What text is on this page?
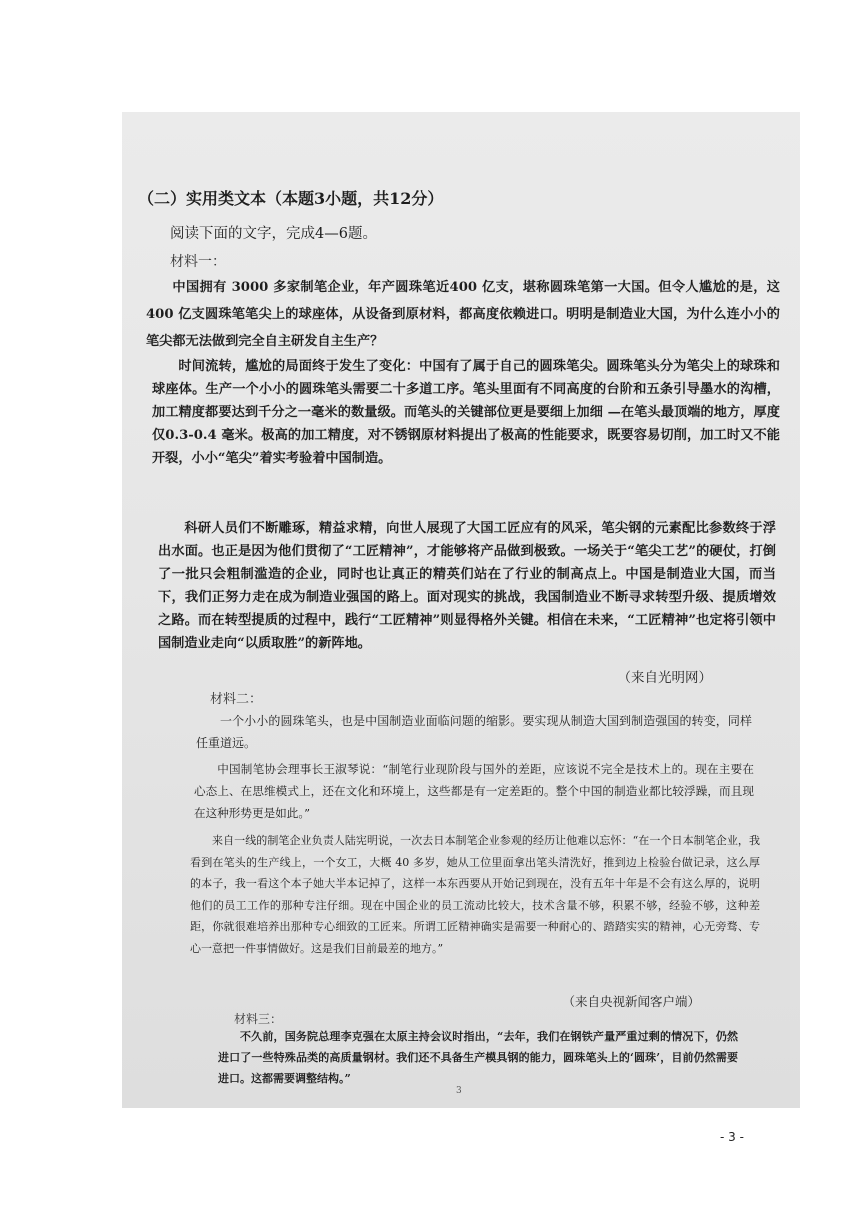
（二）实用类文本（本题3小题，共12分）

阅读下面的文字，完成4—6题。

材料一：

中国拥有 3000 多家制笔企业，年产圆珠笔近400 亿支，堪称圆珠笔第一大国。但令人尴尬的是，这400 亿支圆珠笔笔尖上的球座体，从设备到原材料，都高度依赖进口。明明是制造业大国，为什么连小小的笔尖都无法做到完全自主研发自主生产？

时间流转，尴尬的局面终于发生了变化：中国有了属于自己的圆珠笔尖。圆珠笔头分为笔尖上的球珠和球座体。生产一个小小的圆珠笔头需要二十多道工序。笔头里面有不同高度的台阶和五条引导墨水的沟槽，加工精度都要达到千分之一毫米的数量级。而笔头的关键部位更是要细上加细 —在笔头最顶端的地方，厚度仅0.3-0.4 毫米。极高的加工精度，对不锈钢原材料提出了极高的性能要求，既要容易切削，加工时又不能开裂，小小“笔尖”着实考验着中国制造。

科研人员们不断雕琢，精益求精，向世人展现了大国工匠应有的风采，笔尖钢的元素配比参数终于浮出水面。也正是因为他们贯彻了“工匠精神”，才能够将产品做到极致。一场关于“笔尖工艺”的硬仗，打倒了一批只会粗制滥造的企业，同时也让真正的精英们站在了行业的制高点上。中国是制造业大国，而当下，我们正努力走在成为制造业强国的路上。面对现实的挑战，我国制造业不断寻求转型升级、提质增效之路。而在转型提质的过程中，践行“工匠精神”则显得格外关键。相信在未来，“工匠精神”也定将引领中国制造业走向“以质取胜”的新阵地。

（来自光明网）

材料二：

一个小小的圆珠笔头，也是中国制造业面临问题的缩影。要实现从制造大国到制造强国的转变，同样任重道远。

中国制笔协会理事长王淑琴说：“制笔行业现阶段与国外的差距，应该说不完全是技术上的。现在主要在心态上、在思维模式上，还在文化和环境上，这些都是有一定差距的。整个中国的制造业都比较浮躁，而且现在这种形势更是如此。”

来自一线的制笔企业负责人陆宪明说，一次去日本制笔企业参观的经历让他难以忘怀：“在一个日本制笔企业，我看到在笔头的生产线上，一个女工，大概 40 多岁，她从工位里面拿出笔头清洗好，推到边上检验台做记录，这么厚的本子，我一看这个本子她大半本记掉了，这样一本东西要从开始记到现在，没有五年十年是不会有这么厚的，说明他们的员工工作的那种专注仔细。现在中国企业的员工流动比较大，技术含量不够，积累不够，经验不够，这种差距，你就很难培养出那种专心细致的工匠来。所谓工匠精神确实是需要一种耐心的、踏踏实实的精神，心无旁骛、专心一意把一件事情做好。这是我们目前最差的地方。”

（来自央视新闻客户端）

材料三：

不久前，国务院总理李克强在太原主持会议时指出，“去年，我们在钢铁产量严重过剩的情况下，仍然进口了一些特殊品类的高质量钢材。我们还不具备生产模具钢的能力，圆珠笔头上的‘圆珠’，目前仍然需要进口。这都需要调整结构。”

3

- 3 -
